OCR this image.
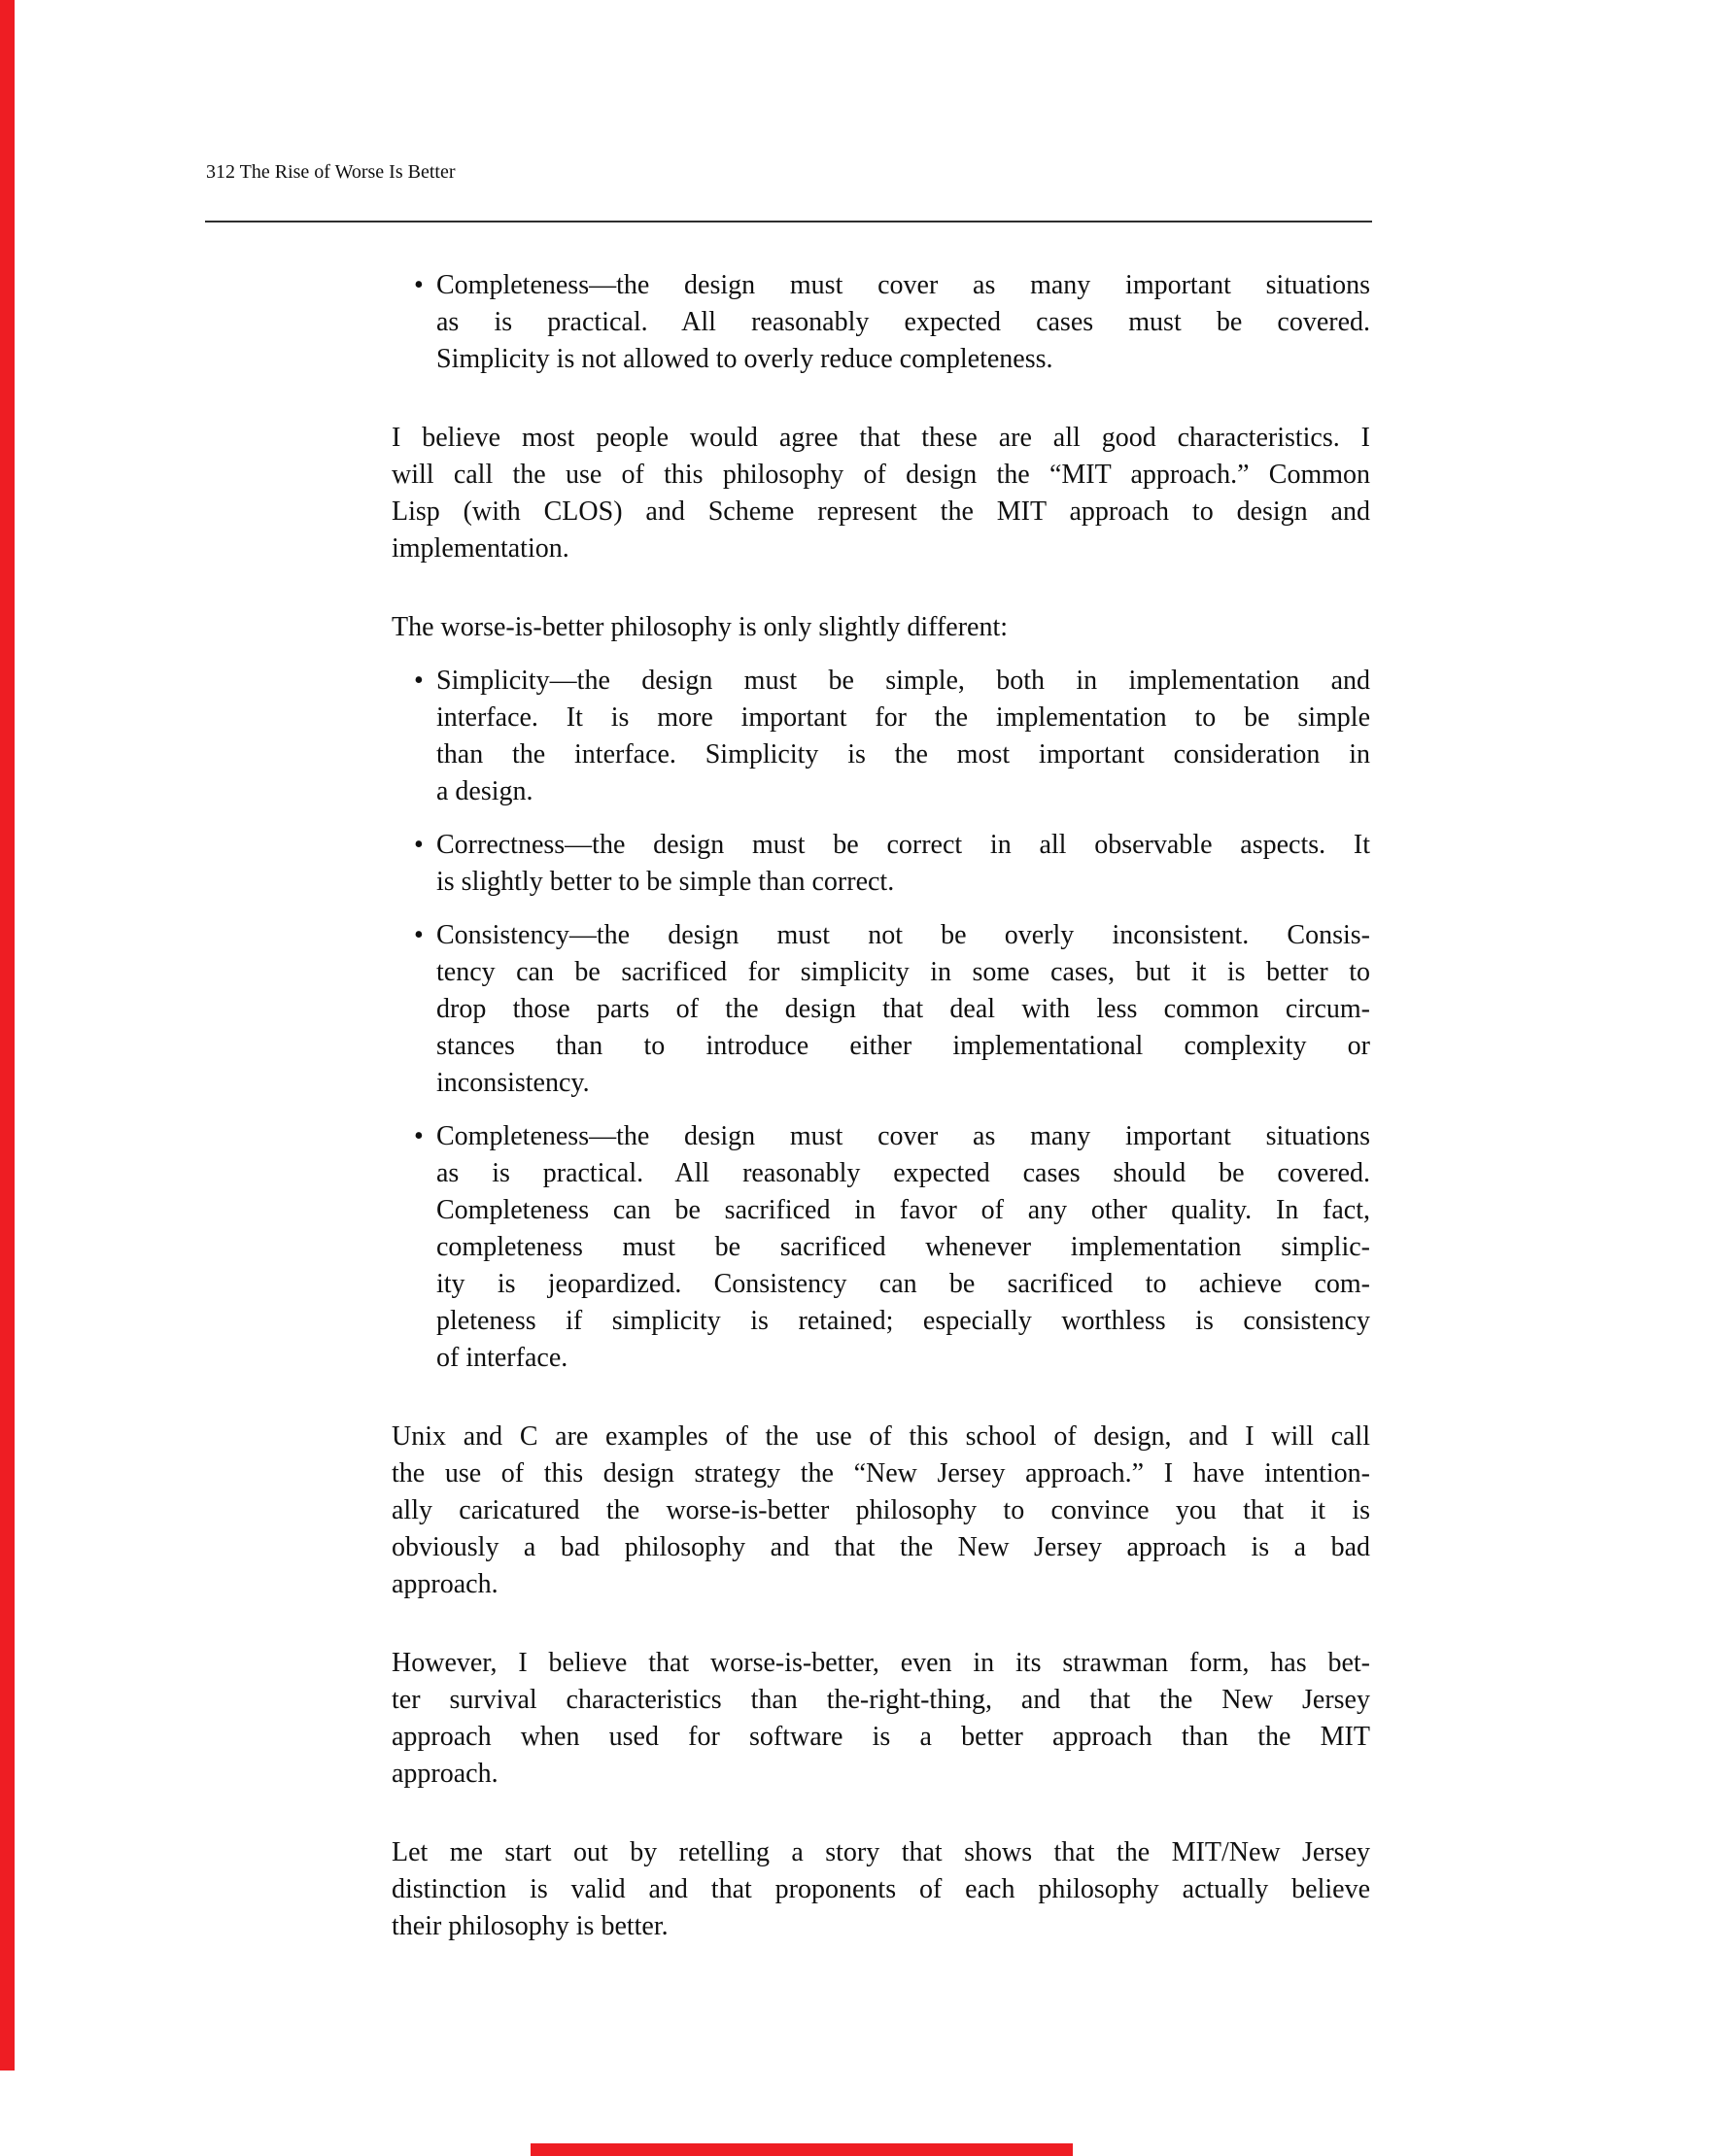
312 The Rise of Worse Is Better
• Completeness—the design must cover as many important situations
as is practical. All reasonably expected cases must be covered.
Simplicity is not allowed to overly reduce completeness.
I believe most people would agree that these are all good characteristics. I
will call the use of this philosophy of design the “MIT approach.” Common
Lisp (with CLOS) and Scheme represent the MIT approach to design and
implementation.
The worse-is-better philosophy is only slightly different:
• Simplicity—the design must be simple, both in implementation and
interface. It is more important for the implementation to be simple
than the interface. Simplicity is the most important consideration in
a design.
• Correctness—the design must be correct in all observable aspects. It
is slightly better to be simple than correct.
• Consistency—the design must not be overly inconsistent. Consis-
tency can be sacrificed for simplicity in some cases, but it is better to
drop those parts of the design that deal with less common circum-
stances than to introduce either implementational complexity or
inconsistency.
• Completeness—the design must cover as many important situations
as is practical. All reasonably expected cases should be covered.
Completeness can be sacrificed in favor of any other quality. In fact,
completeness must be sacrificed whenever implementation simplic-
ity is jeopardized. Consistency can be sacrificed to achieve com-
pleteness if simplicity is retained; especially worthless is consistency
of interface.
Unix and C are examples of the use of this school of design, and I will call
the use of this design strategy the “New Jersey approach.” I have intention-
ally caricatured the worse-is-better philosophy to convince you that it is
obviously a bad philosophy and that the New Jersey approach is a bad
approach.
However, I believe that worse-is-better, even in its strawman form, has bet-
ter survival characteristics than the-right-thing, and that the New Jersey
approach when used for software is a better approach than the MIT
approach.
Let me start out by retelling a story that shows that the MIT/New Jersey
distinction is valid and that proponents of each philosophy actually believe
their philosophy is better.
